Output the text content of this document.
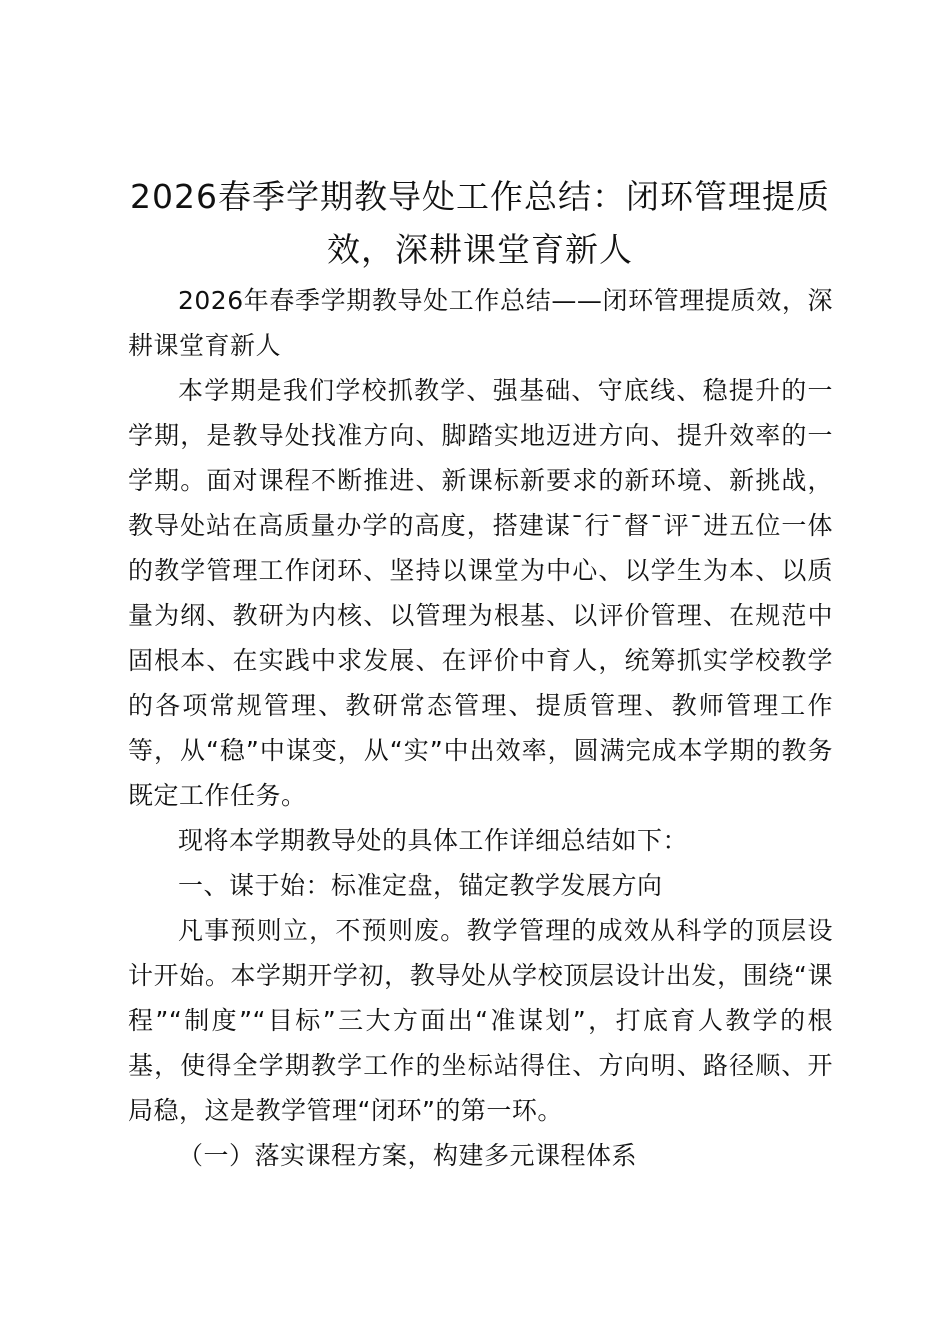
2026春季学期教导处工作总结：闭环管理提质效，深耕课堂育新人

2026年春季学期教导处工作总结——闭环管理提质效，深耕课堂育新人

本学期是我们学校抓教学、强基础、守底线、稳提升的一学期，是教导处找准方向、脚踏实地迈进方向、提升效率的一学期。面对课程不断推进、新课标新要求的新环境、新挑战，教导处站在高质量办学的高度，搭建谋¯行¯督¯评¯进五位一体的教学管理工作闭环、坚持以课堂为中心、以学生为本、以质量为纲、教研为内核、以管理为根基、以评价管理、在规范中固根本、在实践中求发展、在评价中育人，统筹抓实学校教学的各项常规管理、教研常态管理、提质管理、教师管理工作等，从“稳”中谋变，从“实”中出效率，圆满完成本学期的教务既定工作任务。

现将本学期教导处的具体工作详细总结如下：

一、谋于始：标准定盘，锚定教学发展方向

凡事预则立，不预则废。教学管理的成效从科学的顶层设计开始。本学期开学初，教导处从学校顶层设计出发，围绕“课程”“制度”“目标”三大方面出“准谋划”，打底育人教学的根基，使得全学期教学工作的坐标站得住、方向明、路径顺、开局稳，这是教学管理“闭环”的第一环。

（一）落实课程方案，构建多元课程体系
